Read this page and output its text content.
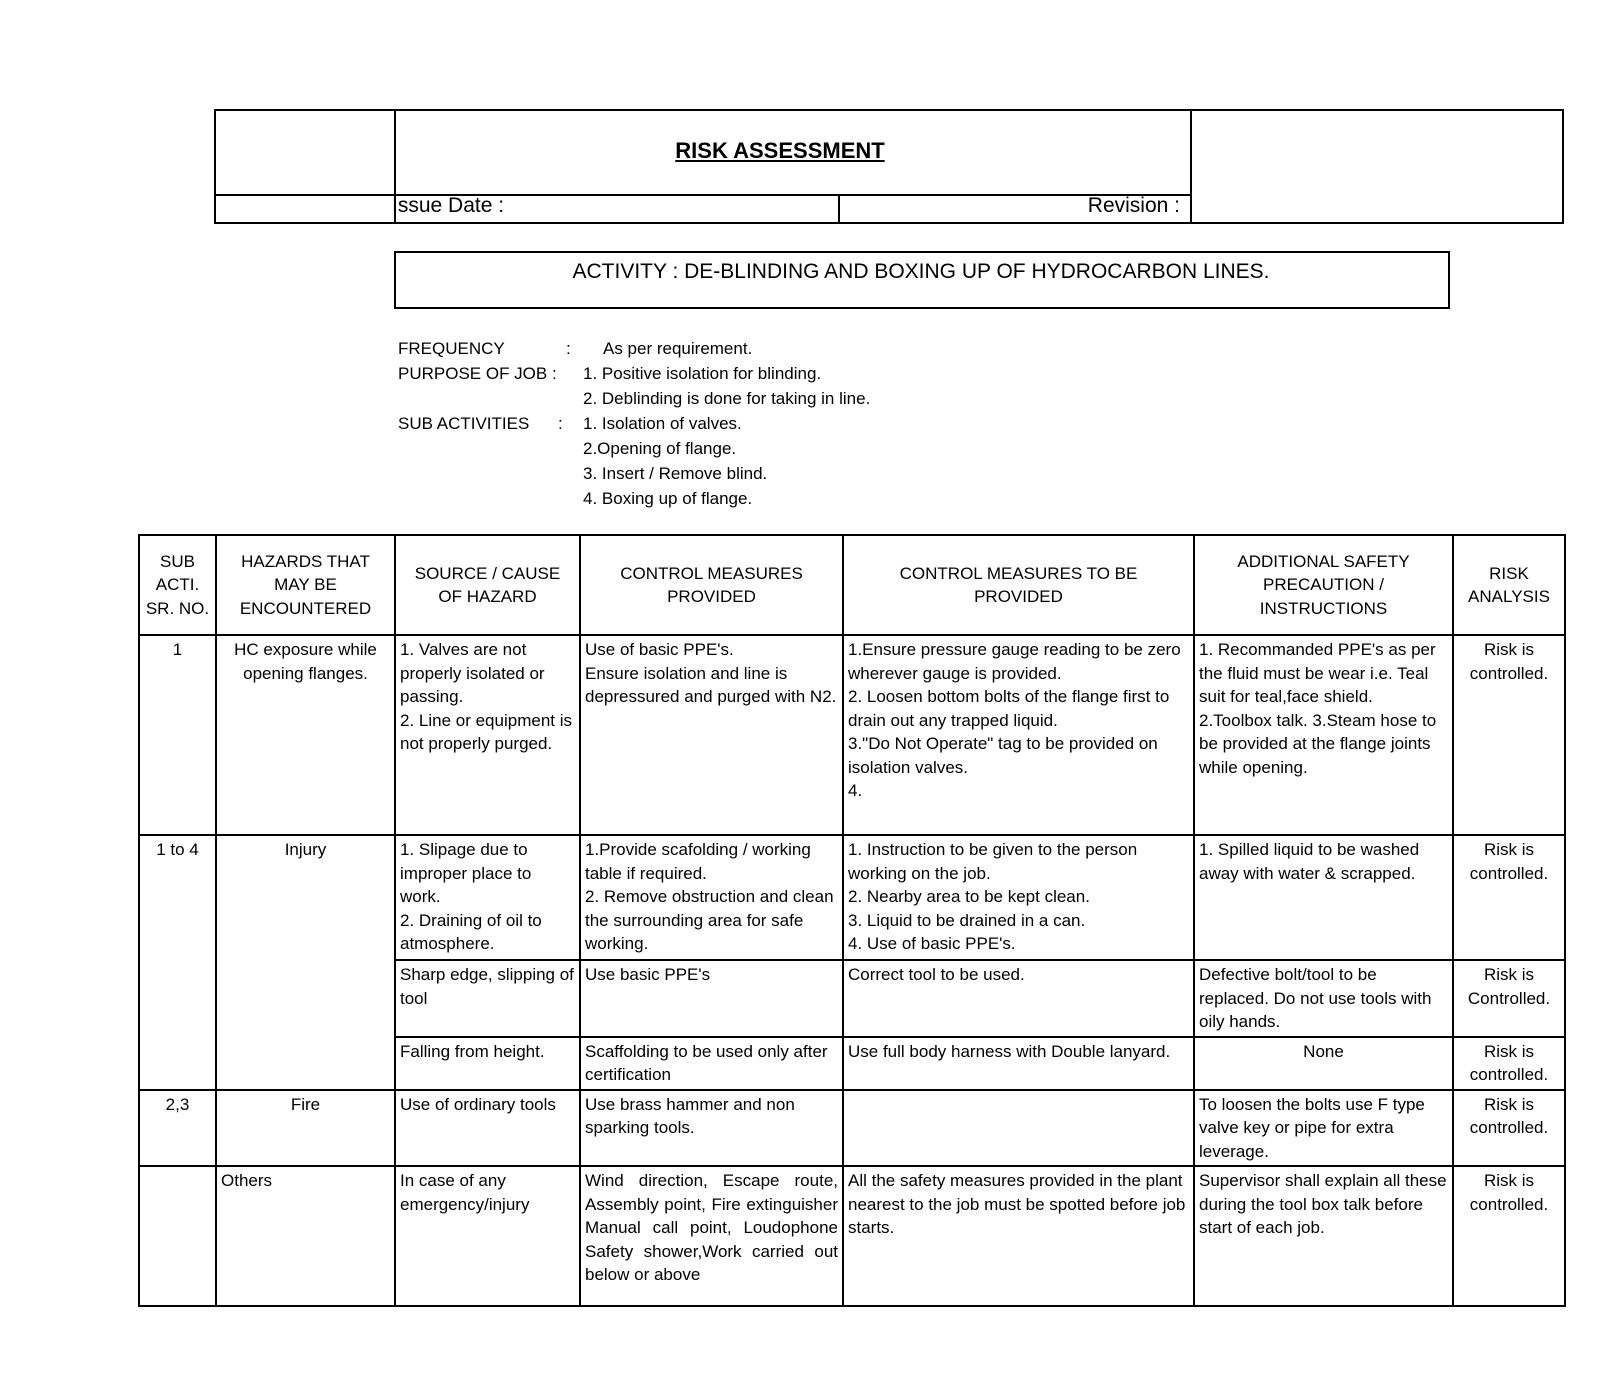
RISK ASSESSMENT
Issue Date :	Revision :
ACTIVITY : DE-BLINDING AND BOXING UP OF HYDROCARBON LINES.
FREQUENCY	: As per requirement.
PURPOSE OF JOB : 1. Positive isolation for blinding.
2. Deblinding is done for taking in line.
SUB ACTIVITIES : 1. Isolation of valves.
2.Opening of flange.
3. Insert / Remove blind.
4. Boxing up of flange.
SUB
ACTI.
SR. NO.	HAZARDS THAT
MAY BE
ENCOUNTERED	SOURCE / CAUSE
OF HAZARD	CONTROL MEASURES
PROVIDED	CONTROL MEASURES TO BE
PROVIDED	ADDITIONAL SAFETY
PRECAUTION /
INSTRUCTIONS	RISK
ANALYSIS
1	HC exposure while opening flanges.	1. Valves are not properly isolated or passing.
2. Line or equipment is not properly purged.	Use of basic PPE's.
Ensure isolation and line is depressured and purged with N2.	1.Ensure pressure gauge reading to be zero wherever gauge is provided.
2. Loosen bottom bolts of the flange first to drain out any trapped liquid.
3."Do Not Operate" tag to be provided on isolation valves.
4.	1. Recommanded PPE's as per the fluid must be wear i.e. Teal suit for teal,face shield.
2.Toolbox talk. 3.Steam hose to be provided at the flange joints while opening.	Risk is controlled.
1 to 4	Injury	1. Slipage due to improper place to work.
2. Draining of oil to atmosphere.	1.Provide scafolding / working table if required.
2. Remove obstruction and clean the surrounding area for safe working.	1. Instruction to be given to the person working on the job.
2. Nearby area to be kept clean.
3. Liquid to be drained in a can.
4. Use of basic PPE's.	1. Spilled liquid to be washed away with water & scrapped.	Risk is controlled.
		Sharp edge, slipping of tool	Use basic PPE's	Correct tool to be used.	Defective bolt/tool to be replaced. Do not use tools with oily hands.	Risk is Controlled.
		Falling from height.	Scaffolding to be used only after certification	Use full body harness with Double lanyard.	None	Risk is controlled.
2,3	Fire	Use of ordinary tools	Use brass hammer and non sparking tools.		To loosen the bolts use F type valve key or pipe for extra leverage.	Risk is controlled.
	Others	In case of any emergency/injury	Wind direction, Escape route, Assembly point, Fire extinguisher Manual call point, Loudophone Safety shower,Work carried out below or above	All the safety measures provided in the plant nearest to the job must be spotted before job starts.	Supervisor shall explain all these during the tool box talk before start of each job.	Risk is controlled.
